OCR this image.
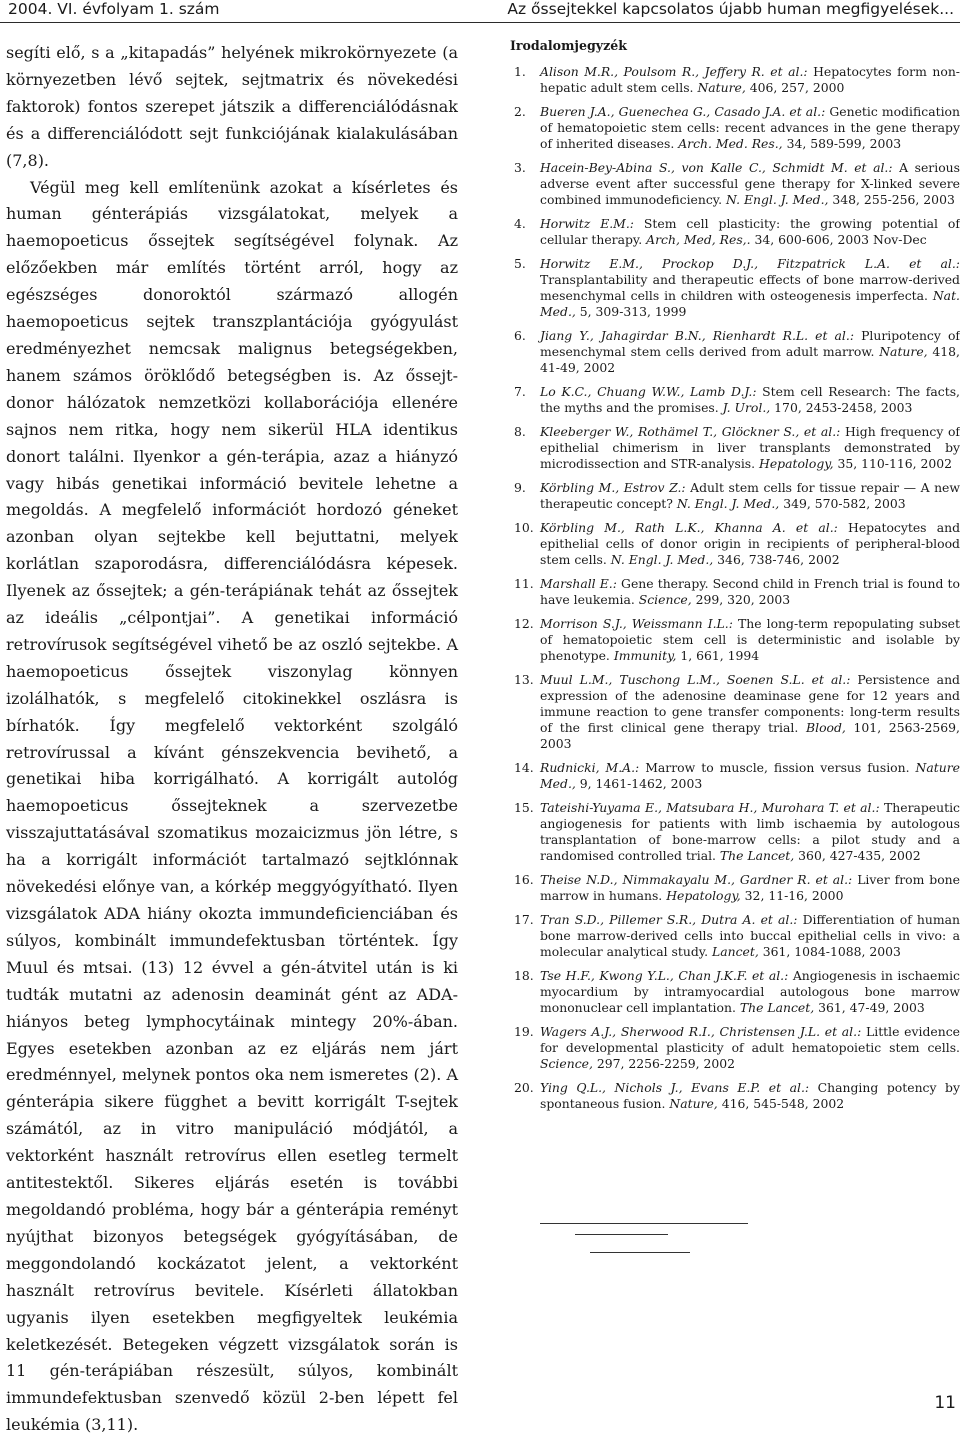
2004. VI. évfolyam 1. szám	Az őssejtekkel kapcsolatos újabb human megfigyelések...

segíti elő, s a „kitapadás” helyének mikrokörnyezete (a környezetben lévő sejtek, sejtmatrix és növekedési faktorok) fontos szerepet játszik a differenciálódásnak és a differenciálódott sejt funkciójának kialakulásában (7,8).

Végül meg kell említenünk azokat a kísérletes és human génterápiás vizsgálatokat, melyek a haemopoeticus őssejtek segítségével folynak. Az előzőekben már említés történt arról, hogy az egészséges donoroktól származó allogén haemopoeticus sejtek transzplantációja gyógyulást eredményezhet nemcsak malignus betegségekben, hanem számos öröklődő betegségben is. Az őssejt-donor hálózatok nemzetközi kollaborációja ellenére sajnos nem ritka, hogy nem sikerül HLA identikus donort találni. Ilyenkor a gén-terápia, azaz a hiányzó vagy hibás genetikai információ bevitele lehetne a megoldás. A megfelelő információt hordozó géneket azonban olyan sejtekbe kell bejuttatni, melyek korlátlan szaporodásra, differenciálódásra képesek. Ilyenek az őssejtek; a gén-terápiának tehát az őssejtek az ideális „célpontjai”. A genetikai információ retrovírusok segítségével vihető be az oszló sejtekbe. A haemopoeticus őssejtek viszonylag könnyen izolálhatók, s megfelelő citokinekkel oszlásra is bírhatók. Így megfelelő vektorként szolgáló retrovírussal a kívánt génszekvencia bevihető, a genetikai hiba korrigálható. A korrigált autológ haemopoeticus őssejteknek a szervezetbe visszajuttatásával szomatikus mozaicizmus jön létre, s ha a korrigált információt tartalmazó sejtklónnak növekedési előnye van, a kórkép meggyógyítható. Ilyen vizsgálatok ADA hiány okozta immundeficienciában és súlyos, kombinált immundefektusban történtek. Így Muul és mtsai. (13) 12 évvel a gén-átvitel után is ki tudták mutatni az adenosin deaminát gént az ADA-hiányos beteg lymphocytáinak mintegy 20%-ában. Egyes esetekben azonban az ez eljárás nem járt eredménnyel, melynek pontos oka nem ismeretes (2). A génterápia sikere függhet a bevitt korrigált T-sejtek számától, az in vitro manipuláció módjától, a vektorként használt retrovírus ellen esetleg termelt antitestektől. Sikeres eljárás esetén is további megoldandó probléma, hogy bár a génterápia reményt nyújthat bizonyos betegségek gyógyításában, de meggondolandó kockázatot jelent, a vektorként használt retrovírus bevitele. Kísérleti állatokban ugyanis ilyen esetekben megfigyeltek leukémia keletkezését. Betegeken végzett vizsgálatok során is 11 gén-terápiában részesült, súlyos, kombinált immundefektusban szenvedő közül 2-ben lépett fel leukémia (3,11).

Irodalomjegyzék
1. Alison M.R., Poulsom R., Jeffery R. et al.: Hepatocytes form non-hepatic adult stem cells. Nature, 406, 257, 2000
2. Bueren J.A., Guenechea G., Casado J.A. et al.: Genetic modification of hematopoietic stem cells: recent advances in the gene therapy of inherited diseases. Arch. Med. Res., 34, 589-599, 2003
3. Hacein-Bey-Abina S., von Kalle C., Schmidt M. et al.: A serious adverse event after successful gene therapy for X-linked severe combined immunodeficiency. N. Engl. J. Med., 348, 255-256, 2003
4. Horwitz E.M.: Stem cell plasticity: the growing potential of cellular therapy. Arch, Med, Res,. 34, 600-606, 2003 Nov-Dec
5. Horwitz E.M., Prockop D.J., Fitzpatrick L.A. et al.: Transplantability and therapeutic effects of bone marrow-derived mesenchymal cells in children with osteogenesis imperfecta. Nat. Med., 5, 309-313, 1999
6. Jiang Y., Jahagirdar B.N., Rienhardt R.L. et al.: Pluripotency of mesenchymal stem cells derived from adult marrow. Nature, 418, 41-49, 2002
7. Lo K.C., Chuang W.W., Lamb D.J.: Stem cell Research: The facts, the myths and the promises. J. Urol., 170, 2453-2458, 2003
8. Kleeberger W., Rothämel T., Glöckner S., et al.: High frequency of epithelial chimerism in liver transplants demonstrated by microdissection and STR-analysis. Hepatology, 35, 110-116, 2002
9. Körbling M., Estrov Z.: Adult stem cells for tissue repair — A new therapeutic concept? N. Engl. J. Med., 349, 570-582, 2003
10. Körbling M., Rath L.K., Khanna A. et al.: Hepatocytes and epithelial cells of donor origin in recipients of peripheral-blood stem cells. N. Engl. J. Med., 346, 738-746, 2002
11. Marshall E.: Gene therapy. Second child in French trial is found to have leukemia. Science, 299, 320, 2003
12. Morrison S.J., Weissmann I.L.: The long-term repopulating subset of hematopoietic stem cell is deterministic and isolable by phenotype. Immunity, 1, 661, 1994
13. Muul L.M., Tuschong L.M., Soenen S.L. et al.: Persistence and expression of the adenosine deaminase gene for 12 years and immune reaction to gene transfer components: long-term results of the first clinical gene therapy trial. Blood, 101, 2563-2569, 2003
14. Rudnicki, M.A.: Marrow to muscle, fission versus fusion. Nature Med., 9, 1461-1462, 2003
15. Tateishi-Yuyama E., Matsubara H., Murohara T. et al.: Therapeutic angiogenesis for patients with limb ischaemia by autologous transplantation of bone-marrow cells: a pilot study and a randomised controlled trial. The Lancet, 360, 427-435, 2002
16. Theise N.D., Nimmakayalu M., Gardner R. et al.: Liver from bone marrow in humans. Hepatology, 32, 11-16, 2000
17. Tran S.D., Pillemer S.R., Dutra A. et al.: Differentiation of human bone marrow-derived cells into buccal epithelial cells in vivo: a molecular analytical study. Lancet, 361, 1084-1088, 2003
18. Tse H.F., Kwong Y.L., Chan J.K.F. et al.: Angiogenesis in ischaemic myocardium by intramyocardial autologous bone marrow mononuclear cell implantation. The Lancet, 361, 47-49, 2003
19. Wagers A.J., Sherwood R.I., Christensen J.L. et al.: Little evidence for developmental plasticity of adult hematopoietic stem cells. Science, 297, 2256-2259, 2002
20. Ying Q.L., Nichols J., Evans E.P. et al.: Changing potency by spontaneous fusion. Nature, 416, 545-548, 2002
11
